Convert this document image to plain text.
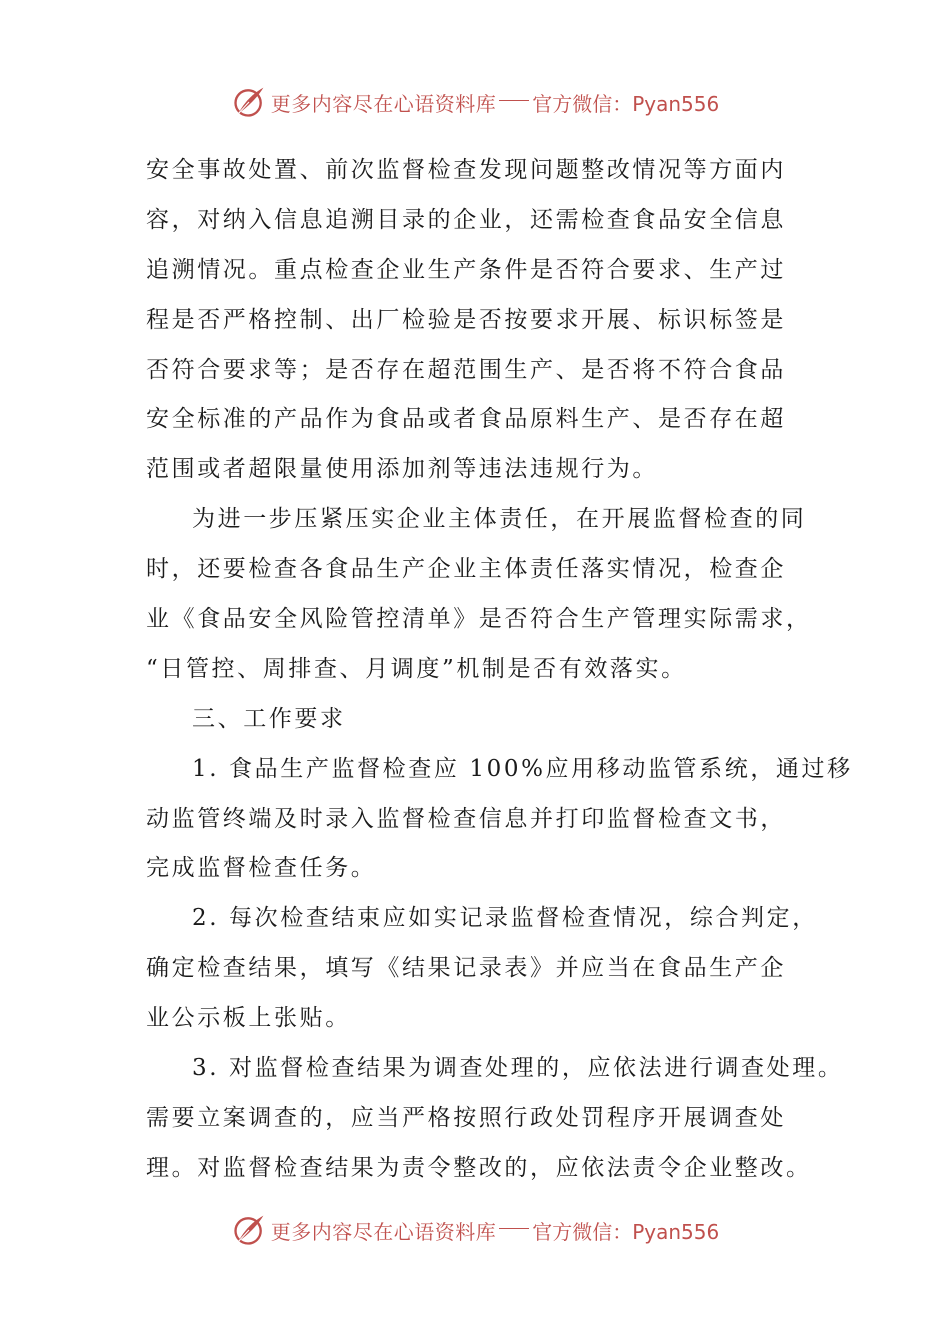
更多内容尽在心语资料库 官方微信：Pyan556
安全事故处置、前次监督检查发现问题整改情况等方面内
容，对纳入信息追溯目录的企业，还需检查食品安全信息
追溯情况。重点检查企业生产条件是否符合要求、生产过
程是否严格控制、出厂检验是否按要求开展、标识标签是
否符合要求等；是否存在超范围生产、是否将不符合食品
安全标准的产品作为食品或者食品原料生产、是否存在超
范围或者超限量使用添加剂等违法违规行为。
为进一步压紧压实企业主体责任，在开展监督检查的同
时，还要检查各食品生产企业主体责任落实情况，检查企
业《食品安全风险管控清单》是否符合生产管理实际需求，
“日管控、周排查、月调度”机制是否有效落实。
三、工作要求
1. 食品生产监督检查应 100%应用移动监管系统，通过移
动监管终端及时录入监督检查信息并打印监督检查文书，
完成监督检查任务。
2. 每次检查结束应如实记录监督检查情况，综合判定，
确定检查结果，填写《结果记录表》并应当在食品生产企
业公示板上张贴。
3. 对监督检查结果为调查处理的，应依法进行调查处理。
需要立案调查的，应当严格按照行政处罚程序开展调查处
理。对监督检查结果为责令整改的，应依法责令企业整改。
更多内容尽在心语资料库 官方微信：Pyan556
